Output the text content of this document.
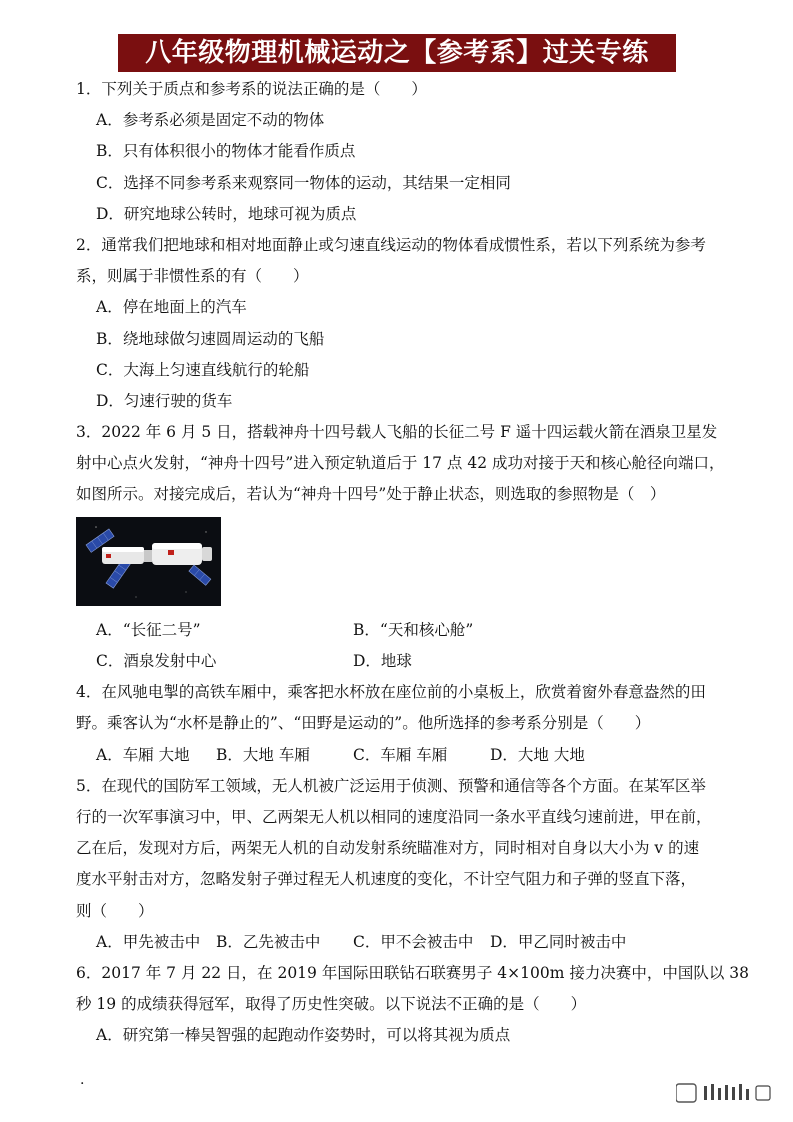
八年级物理机械运动之【参考系】过关专练
1．下列关于质点和参考系的说法正确的是（　　）
A．参考系必须是固定不动的物体
B．只有体积很小的物体才能看作质点
C．选择不同参考系来观察同一物体的运动，其结果一定相同
D．研究地球公转时，地球可视为质点
2．通常我们把地球和相对地面静止或匀速直线运动的物体看成惯性系，若以下列系统为参考
系，则属于非惯性系的有（　　）
A．停在地面上的汽车
B．绕地球做匀速圆周运动的飞船
C．大海上匀速直线航行的轮船
D．匀速行驶的货车
3．2022 年 6 月 5 日，搭载神舟十四号载人飞船的长征二号 F 遥十四运载火箭在酒泉卫星发
射中心点火发射，“神舟十四号”进入预定轨道后于 17 点 42 成功对接于天和核心舱径向端口，
如图所示。对接完成后，若认为“神舟十四号”处于静止状态，则选取的参照物是（　）
A．“长征二号”	B．“天和核心舱”
C．酒泉发射中心	D．地球
4．在风驰电掣的高铁车厢中，乘客把水杯放在座位前的小桌板上，欣赏着窗外春意盎然的田
野。乘客认为“水杯是静止的”、“田野是运动的”。他所选择的参考系分别是（　　）
A．车厢 大地 B．大地 车厢	C．车厢 车厢	D．大地 大地
5．在现代的国防军工领域，无人机被广泛运用于侦测、预警和通信等各个方面。在某军区举
行的一次军事演习中，甲、乙两架无人机以相同的速度沿同一条水平直线匀速前进，甲在前，
乙在后，发现对方后，两架无人机的自动发射系统瞄准对方，同时相对自身以大小为 v 的速
度水平射击对方，忽略发射子弹过程无人机速度的变化，不计空气阻力和子弹的竖直下落，
则（　　）
A．甲先被击中 B．乙先被击中 C．甲不会被击中 D．甲乙同时被击中
6．2017 年 7 月 22 日，在 2019 年国际田联钻石联赛男子 4×100m 接力决赛中，中国队以 38
秒 19 的成绩获得冠军，取得了历史性突破。以下说法不正确的是（　　）
A．研究第一棒吴智强的起跑动作姿势时，可以将其视为质点
.
